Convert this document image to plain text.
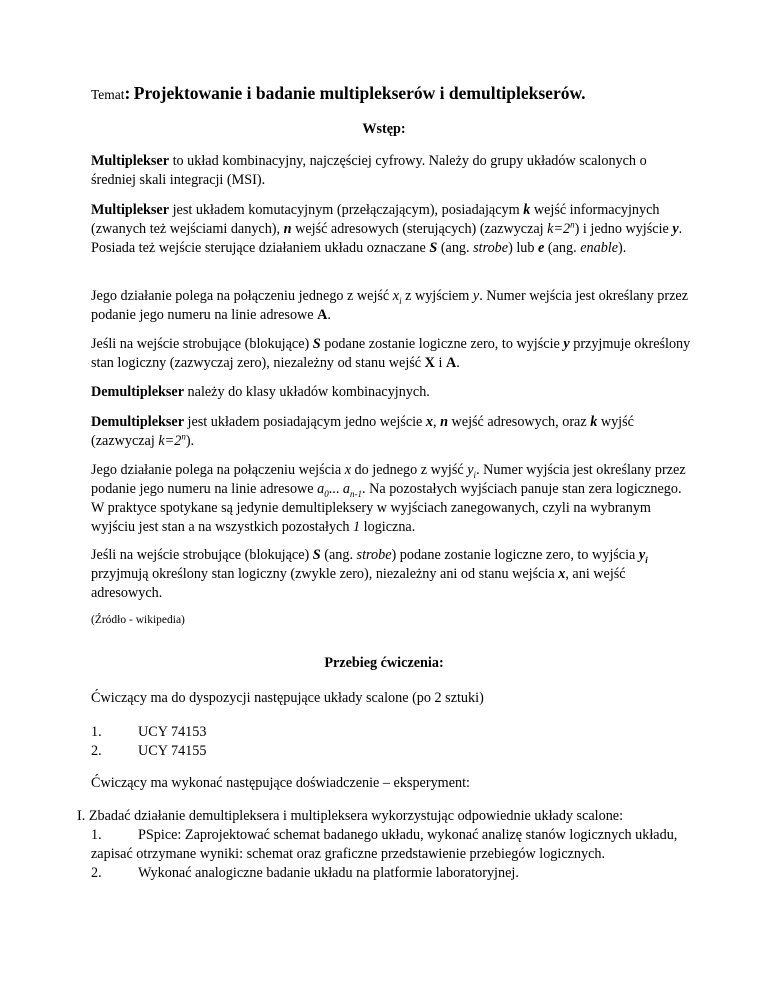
Temat: Projektowanie i badanie multiplekserów i demultiplekserów.
Wstęp:

Multiplekser to układ kombinacyjny, najczęściej cyfrowy. Należy do grupy układów scalonych o średniej skali integracji (MSI).

Multiplekser jest układem komutacyjnym (przełączającym), posiadającym k wejść informacyjnych (zwanych też wejściami danych), n wejść adresowych (sterujących) (zazwyczaj $k=2^n$) i jedno wyjście y. Posiada też wejście sterujące działaniem układu oznaczane S (ang. strobe) lub e (ang. enable).

Jego działanie polega na połączeniu jednego z wejść $x_i$ z wyjściem y. Numer wejścia jest określany przez podanie jego numeru na linie adresowe A.

Jeśli na wejście strobujące (blokujące) S podane zostanie logiczne zero, to wyjście y przyjmuje określony stan logiczny (zazwyczaj zero), niezależny od stanu wejść X i A.

Demultiplekser należy do klasy układów kombinacyjnych.

Demultiplekser jest układem posiadającym jedno wejście x, n wejść adresowych, oraz k wyjść (zazwyczaj $k=2^n$).

Jego działanie polega na połączeniu wejścia x do jednego z wyjść $y_i$. Numer wyjścia jest określany przez podanie jego numeru na linie adresowe $a_0$... $a_{n-1}$. Na pozostałych wyjściach panuje stan zera logicznego. W praktyce spotykane są jedynie demultipleksery w wyjściach zanegowanych, czyli na wybranym wyjściu jest stan a na wszystkich pozostałych 1 logiczna.

Jeśli na wejście strobujące (blokujące) S (ang. strobe) podane zostanie logiczne zero, to wyjścia $y_i$ przyjmują określony stan logiczny (zwykle zero), niezależny ani od stanu wejścia x, ani wejść adresowych.

(Źródło - wikipedia)

Przebieg ćwiczenia:

Ćwiczący ma do dyspozycji następujące układy scalone (po 2 sztuki)

1.	UCY 74153
2.	UCY 74155

Ćwiczący ma wykonać następujące doświadczenie – eksperyment:

I. Zbadać działanie demultipleksera i multipleksera wykorzystując odpowiednie układy scalone:
1.	PSpice: Zaprojektować schemat badanego układu, wykonać analizę stanów logicznych układu, zapisać otrzymane wyniki: schemat oraz graficzne przedstawienie przebiegów logicznych.
2.	Wykonać analogiczne badanie układu na platformie laboratoryjnej.
